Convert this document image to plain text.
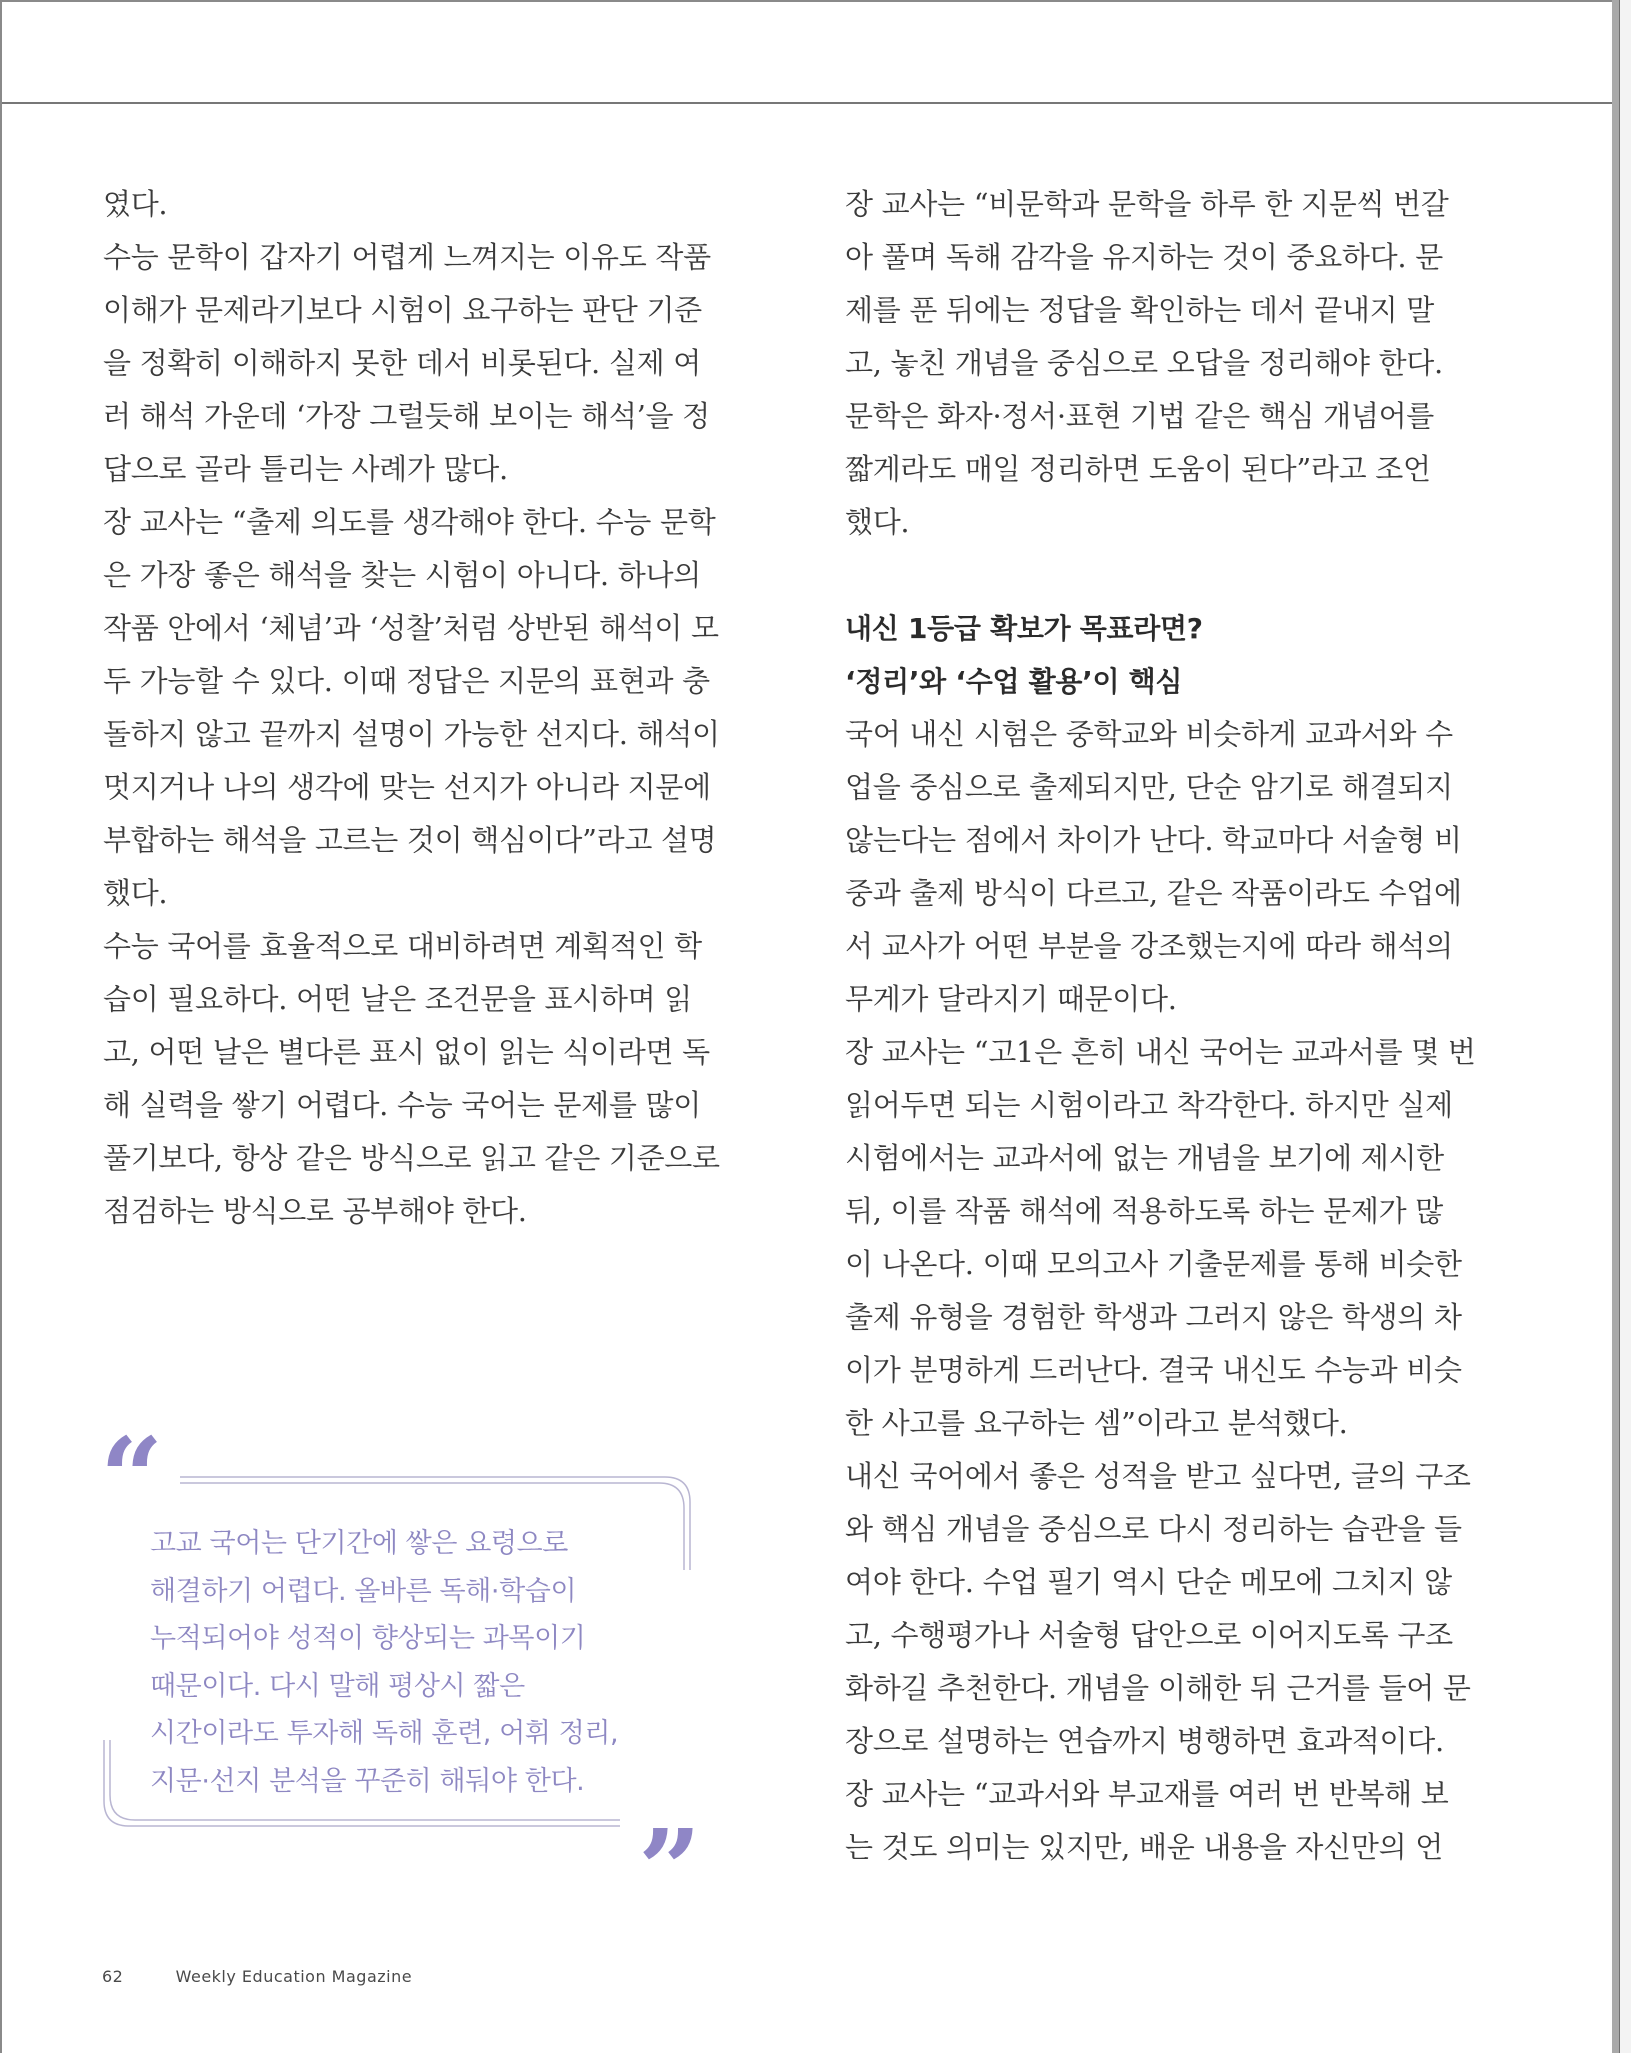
였다.
수능 문학이 갑자기 어렵게 느껴지는 이유도 작품
이해가 문제라기보다 시험이 요구하는 판단 기준
을 정확히 이해하지 못한 데서 비롯된다. 실제 여
러 해석 가운데 ‘가장 그럴듯해 보이는 해석’을 정
답으로 골라 틀리는 사례가 많다.
장 교사는 “출제 의도를 생각해야 한다. 수능 문학
은 가장 좋은 해석을 찾는 시험이 아니다. 하나의
작품 안에서 ‘체념’과 ‘성찰’처럼 상반된 해석이 모
두 가능할 수 있다. 이때 정답은 지문의 표현과 충
돌하지 않고 끝까지 설명이 가능한 선지다. 해석이
멋지거나 나의 생각에 맞는 선지가 아니라 지문에
부합하는 해석을 고르는 것이 핵심이다”라고 설명
했다.
수능 국어를 효율적으로 대비하려면 계획적인 학
습이 필요하다. 어떤 날은 조건문을 표시하며 읽
고, 어떤 날은 별다른 표시 없이 읽는 식이라면 독
해 실력을 쌓기 어렵다. 수능 국어는 문제를 많이
풀기보다, 항상 같은 방식으로 읽고 같은 기준으로
점검하는 방식으로 공부해야 한다.
“
고교 국어는 단기간에 쌓은 요령으로
해결하기 어렵다. 올바른 독해·학습이
누적되어야 성적이 향상되는 과목이기
때문이다. 다시 말해 평상시 짧은
시간이라도 투자해 독해 훈련, 어휘 정리,
지문·선지 분석을 꾸준히 해둬야 한다.
”
장 교사는 “비문학과 문학을 하루 한 지문씩 번갈
아 풀며 독해 감각을 유지하는 것이 중요하다. 문
제를 푼 뒤에는 정답을 확인하는 데서 끝내지 말
고, 놓친 개념을 중심으로 오답을 정리해야 한다.
문학은 화자·정서·표현 기법 같은 핵심 개념어를
짧게라도 매일 정리하면 도움이 된다”라고 조언
했다.
내신 1등급 확보가 목표라면?
‘정리’와 ‘수업 활용’이 핵심
국어 내신 시험은 중학교와 비슷하게 교과서와 수
업을 중심으로 출제되지만, 단순 암기로 해결되지
않는다는 점에서 차이가 난다. 학교마다 서술형 비
중과 출제 방식이 다르고, 같은 작품이라도 수업에
서 교사가 어떤 부분을 강조했는지에 따라 해석의
무게가 달라지기 때문이다.
장 교사는 “고1은 흔히 내신 국어는 교과서를 몇 번
읽어두면 되는 시험이라고 착각한다. 하지만 실제
시험에서는 교과서에 없는 개념을 보기에 제시한
뒤, 이를 작품 해석에 적용하도록 하는 문제가 많
이 나온다. 이때 모의고사 기출문제를 통해 비슷한
출제 유형을 경험한 학생과 그러지 않은 학생의 차
이가 분명하게 드러난다. 결국 내신도 수능과 비슷
한 사고를 요구하는 셈”이라고 분석했다.
내신 국어에서 좋은 성적을 받고 싶다면, 글의 구조
와 핵심 개념을 중심으로 다시 정리하는 습관을 들
여야 한다. 수업 필기 역시 단순 메모에 그치지 않
고, 수행평가나 서술형 답안으로 이어지도록 구조
화하길 추천한다. 개념을 이해한 뒤 근거를 들어 문
장으로 설명하는 연습까지 병행하면 효과적이다.
장 교사는 “교과서와 부교재를 여러 번 반복해 보
는 것도 의미는 있지만, 배운 내용을 자신만의 언
62	Weekly Education Magazine
